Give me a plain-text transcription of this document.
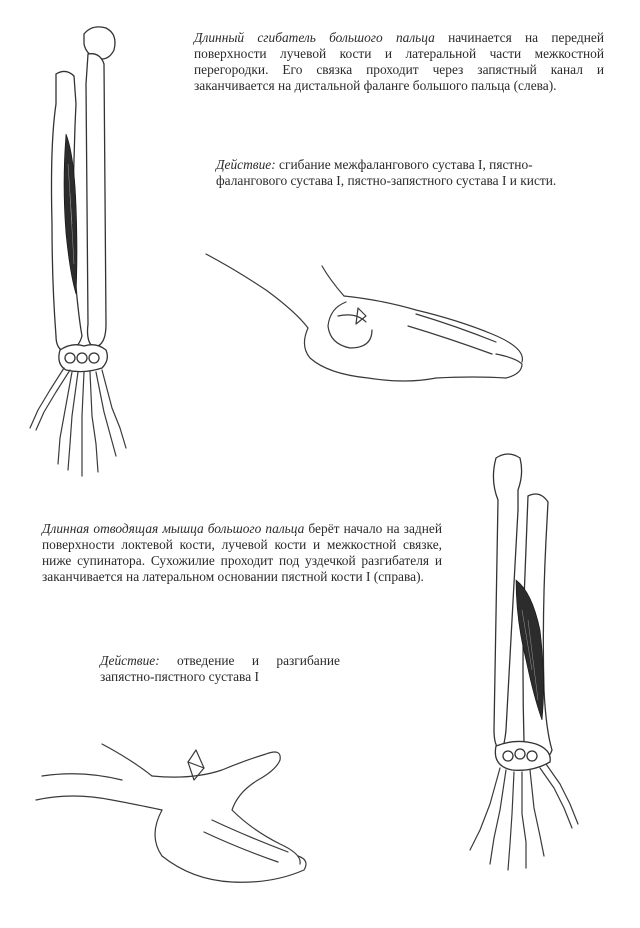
Длинный сгибатель большого пальца начинается на передней поверхности лучевой кости и латеральной части межкостной перегородки. Его связка проходит через запястный канал и заканчивается на дистальной фаланге большого пальца (слева).

Действие: сгибание межфалангового сустава I, пястно-фалангового сустава I, пястно-запястного сустава I и кисти.

Длинная отводящая мышца большого пальца берёт начало на задней поверхности локтевой кости, лучевой кости и межкостной связке, ниже супинатора. Сухожилие проходит под уздечкой разгибателя и заканчивается на латеральном основании пястной кости I (справа).

Действие: отведение и разгибание запястно-пястного сустава I
